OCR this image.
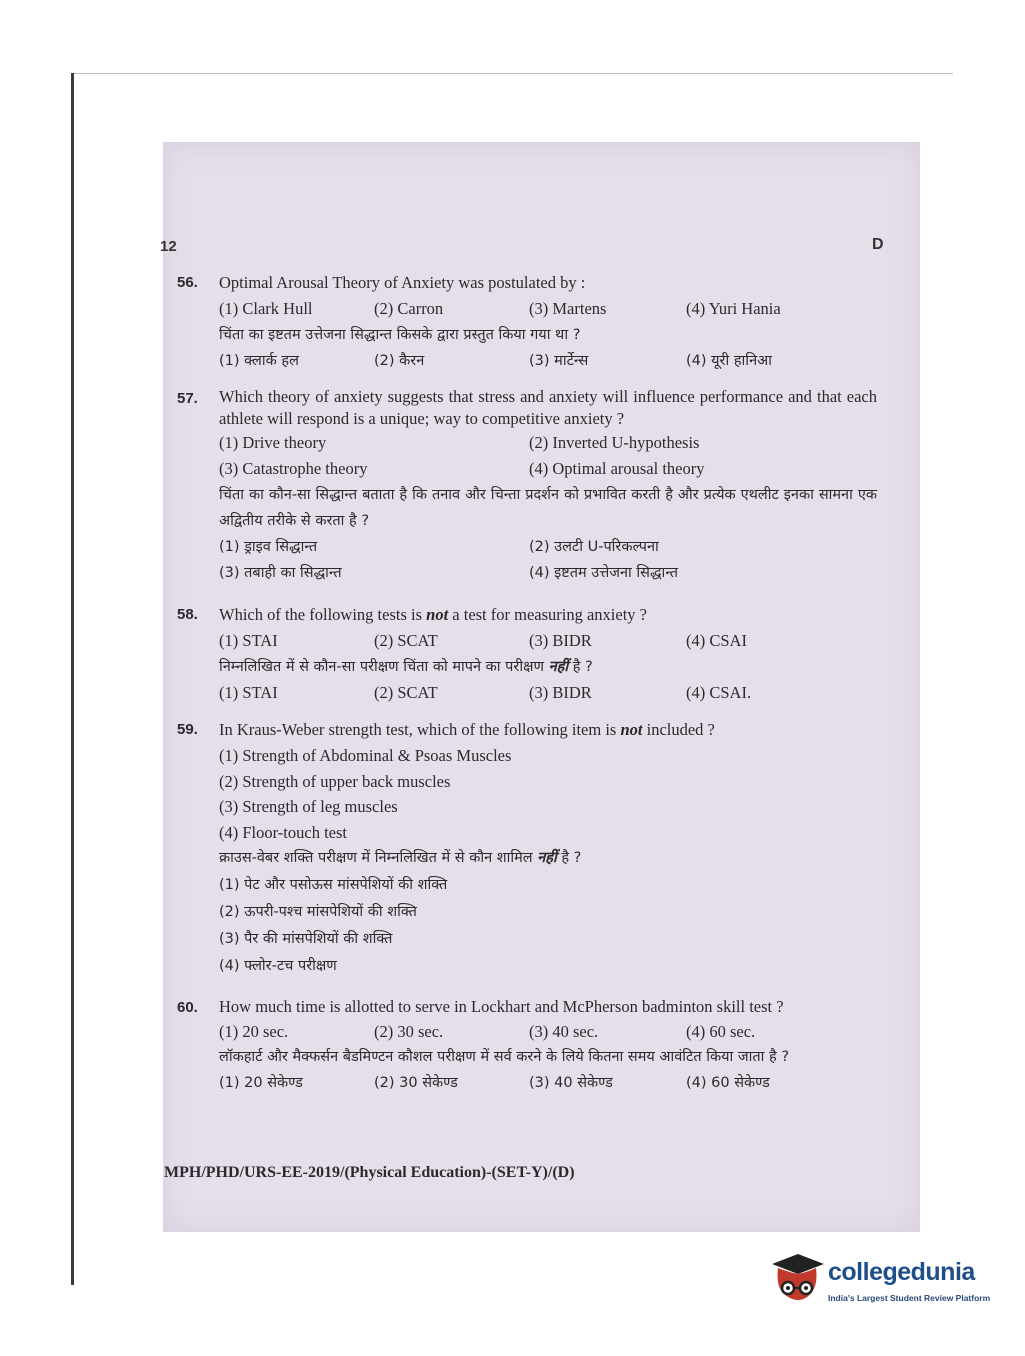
12	D
56. Optimal Arousal Theory of Anxiety was postulated by :
(1) Clark Hull	(2) Carron	(3) Martens	(4) Yuri Hania
चिंता का इष्टतम उत्तेजना सिद्धान्त किसके द्वारा प्रस्तुत किया गया था ?
(1) क्लार्क हल	(2) कैरन	(3) मार्टेन्स	(4) यूरी हानिआ
57. Which theory of anxiety suggests that stress and anxiety will influence performance and that each athlete will respond is a unique; way to competitive anxiety ?
(1) Drive theory	(2) Inverted U-hypothesis
(3) Catastrophe theory	(4) Optimal arousal theory
चिंता का कौन-सा सिद्धान्त बताता है कि तनाव और चिन्ता प्रदर्शन को प्रभावित करती है और प्रत्येक एथलीट इनका सामना एक अद्वितीय तरीके से करता है ?
(1) ड्राइव सिद्धान्त	(2) उलटी U-परिकल्पना
(3) तबाही का सिद्धान्त	(4) इष्टतम उत्तेजना सिद्धान्त
58. Which of the following tests is not a test for measuring anxiety ?
(1) STAI	(2) SCAT	(3) BIDR	(4) CSAI
निम्नलिखित में से कौन-सा परीक्षण चिंता को मापने का परीक्षण नहीं है ?
(1) STAI	(2) SCAT	(3) BIDR	(4) CSAI.
59. In Kraus-Weber strength test, which of the following item is not included ?
(1) Strength of Abdominal & Psoas Muscles
(2) Strength of upper back muscles
(3) Strength of leg muscles
(4) Floor-touch test
क्राउस-वेबर शक्ति परीक्षण में निम्नलिखित में से कौन शामिल नहीं है ?
(1) पेट और पसोऊस मांसपेशियों की शक्ति
(2) ऊपरी-पश्च मांसपेशियों की शक्ति
(3) पैर की मांसपेशियों की शक्ति
(4) फ्लोर-टच परीक्षण
60. How much time is allotted to serve in Lockhart and McPherson badminton skill test ?
(1) 20 sec.	(2) 30 sec.	(3) 40 sec.	(4) 60 sec.
लॉकहार्ट और मैक्फर्सन बैडमिण्टन कौशल परीक्षण में सर्व करने के लिये कितना समय आवंटित किया जाता है ?
(1) 20 सेकेण्ड	(2) 30 सेकेण्ड	(3) 40 सेकेण्ड	(4) 60 सेकेण्ड
MPH/PHD/URS-EE-2019/(Physical Education)-(SET-Y)/(D)
collegedunia
India's Largest Student Review Platform
